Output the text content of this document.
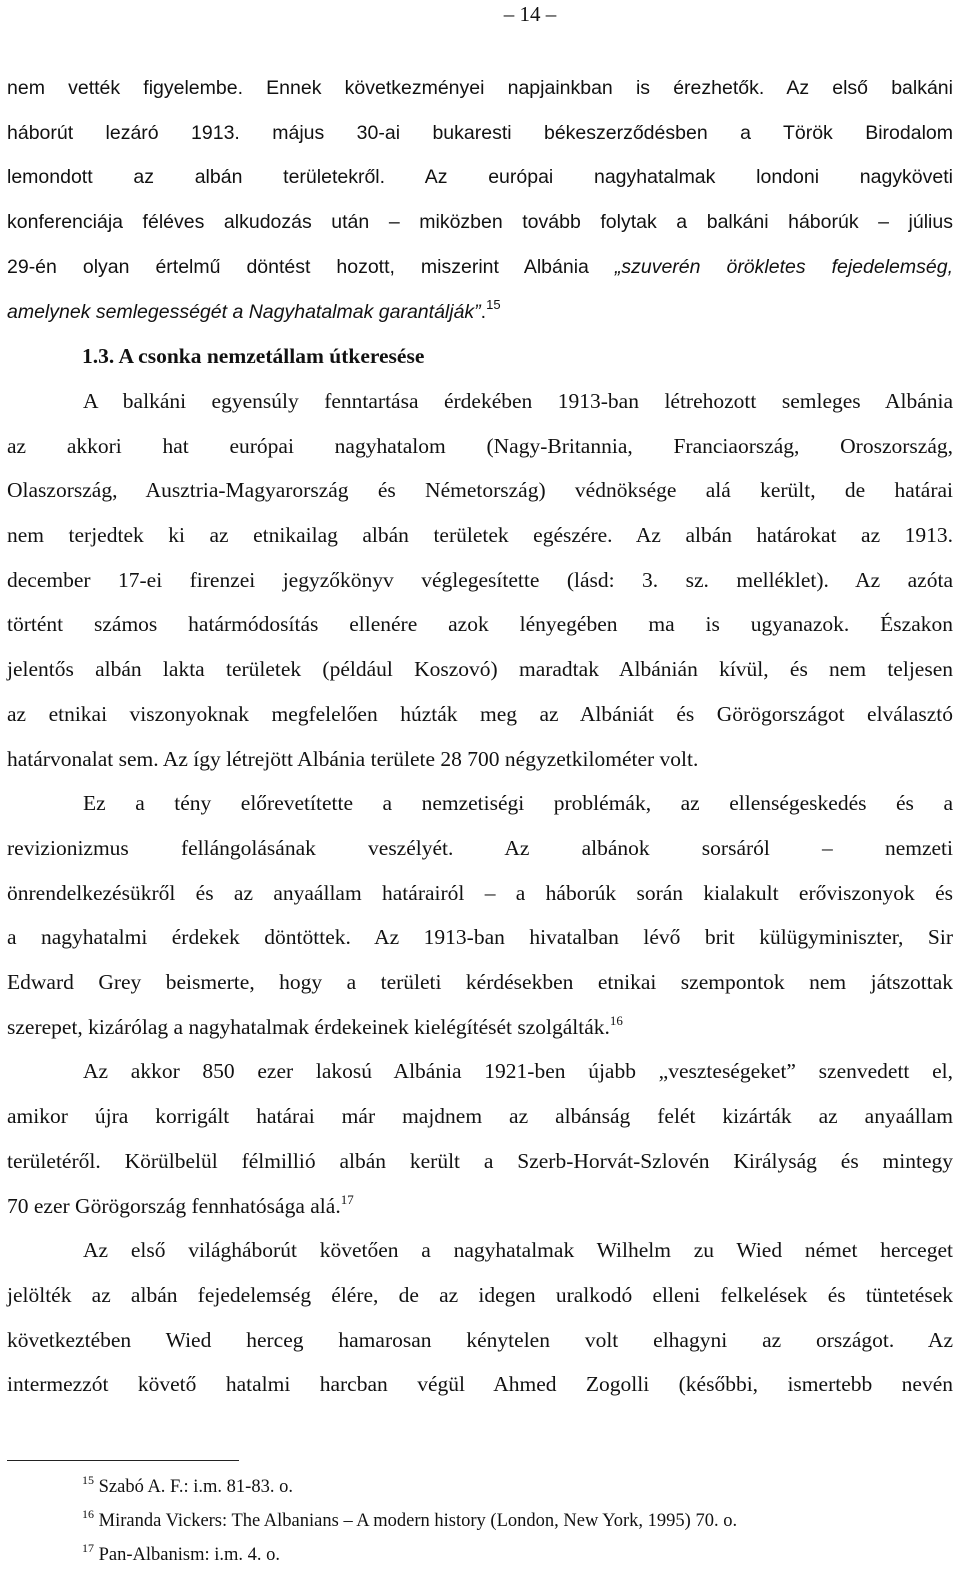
– 14 –

nem vették figyelembe. Ennek következményei napjainkban is érezhetők. Az első balkáni

háborút lezáró 1913. május 30-ai bukaresti békeszerződésben a Török Birodalom

lemondott az albán területekről. Az európai nagyhatalmak londoni nagyköveti

konferenciája féléves alkudozás után – miközben tovább folytak a balkáni háborúk – július

29-én olyan értelmű döntést hozott, miszerint Albánia „szuverén örökletes fejedelemség,

amelynek semlegességét a Nagyhatalmak garantálják”.$^{15}$

1.3. A csonka nemzetállam útkeresése

A balkáni egyensúly fenntartása érdekében 1913-ban létrehozott semleges Albánia

az akkori hat európai nagyhatalom (Nagy-Britannia, Franciaország, Oroszország,

Olaszország, Ausztria-Magyarország és Németország) védnöksége alá került, de határai

nem terjedtek ki az etnikailag albán területek egészére. Az albán határokat az 1913.

december 17-ei firenzei jegyzőkönyv véglegesítette (lásd: 3. sz. melléklet). Az azóta

történt számos határmódosítás ellenére azok lényegében ma is ugyanazok. Északon

jelentős albán lakta területek (például Koszovó) maradtak Albánián kívül, és nem teljesen

az etnikai viszonyoknak megfelelően húzták meg az Albániát és Görögországot elválasztó

határvonalat sem. Az így létrejött Albánia területe 28 700 négyzetkilométer volt.

Ez a tény előrevetítette a nemzetiségi problémák, az ellenségeskedés és a

revizionizmus fellángolásának veszélyét. Az albánok sorsáról – nemzeti

önrendelkezésükről és az anyaállam határairól – a háborúk során kialakult erőviszonyok és

a nagyhatalmi érdekek döntöttek. Az 1913-ban hivatalban lévő brit külügyminiszter, Sir

Edward Grey beismerte, hogy a területi kérdésekben etnikai szempontok nem játszottak

szerepet, kizárólag a nagyhatalmak érdekeinek kielégítését szolgálták.$^{16}$

Az akkor 850 ezer lakosú Albánia 1921-ben újabb „veszteségeket” szenvedett el,

amikor újra korrigált határai már majdnem az albánság felét kizárták az anyaállam

területéről. Körülbelül félmillió albán került a Szerb-Horvát-Szlovén Királyság és mintegy

70 ezer Görögország fennhatósága alá.$^{17}$

Az első világháborút követően a nagyhatalmak Wilhelm zu Wied német herceget

jelölték az albán fejedelemség élére, de az idegen uralkodó elleni felkelések és tüntetések

következtében Wied herceg hamarosan kénytelen volt elhagyni az országot. Az

intermezzót követő hatalmi harcban végül Ahmed Zogolli (későbbi, ismertebb nevén

$^{15}$ Szabó A. F.: i.m. 81-83. o.

$^{16}$ Miranda Vickers: The Albanians – A modern history (London, New York, 1995) 70. o.

$^{17}$ Pan-Albanism: i.m. 4. o.
